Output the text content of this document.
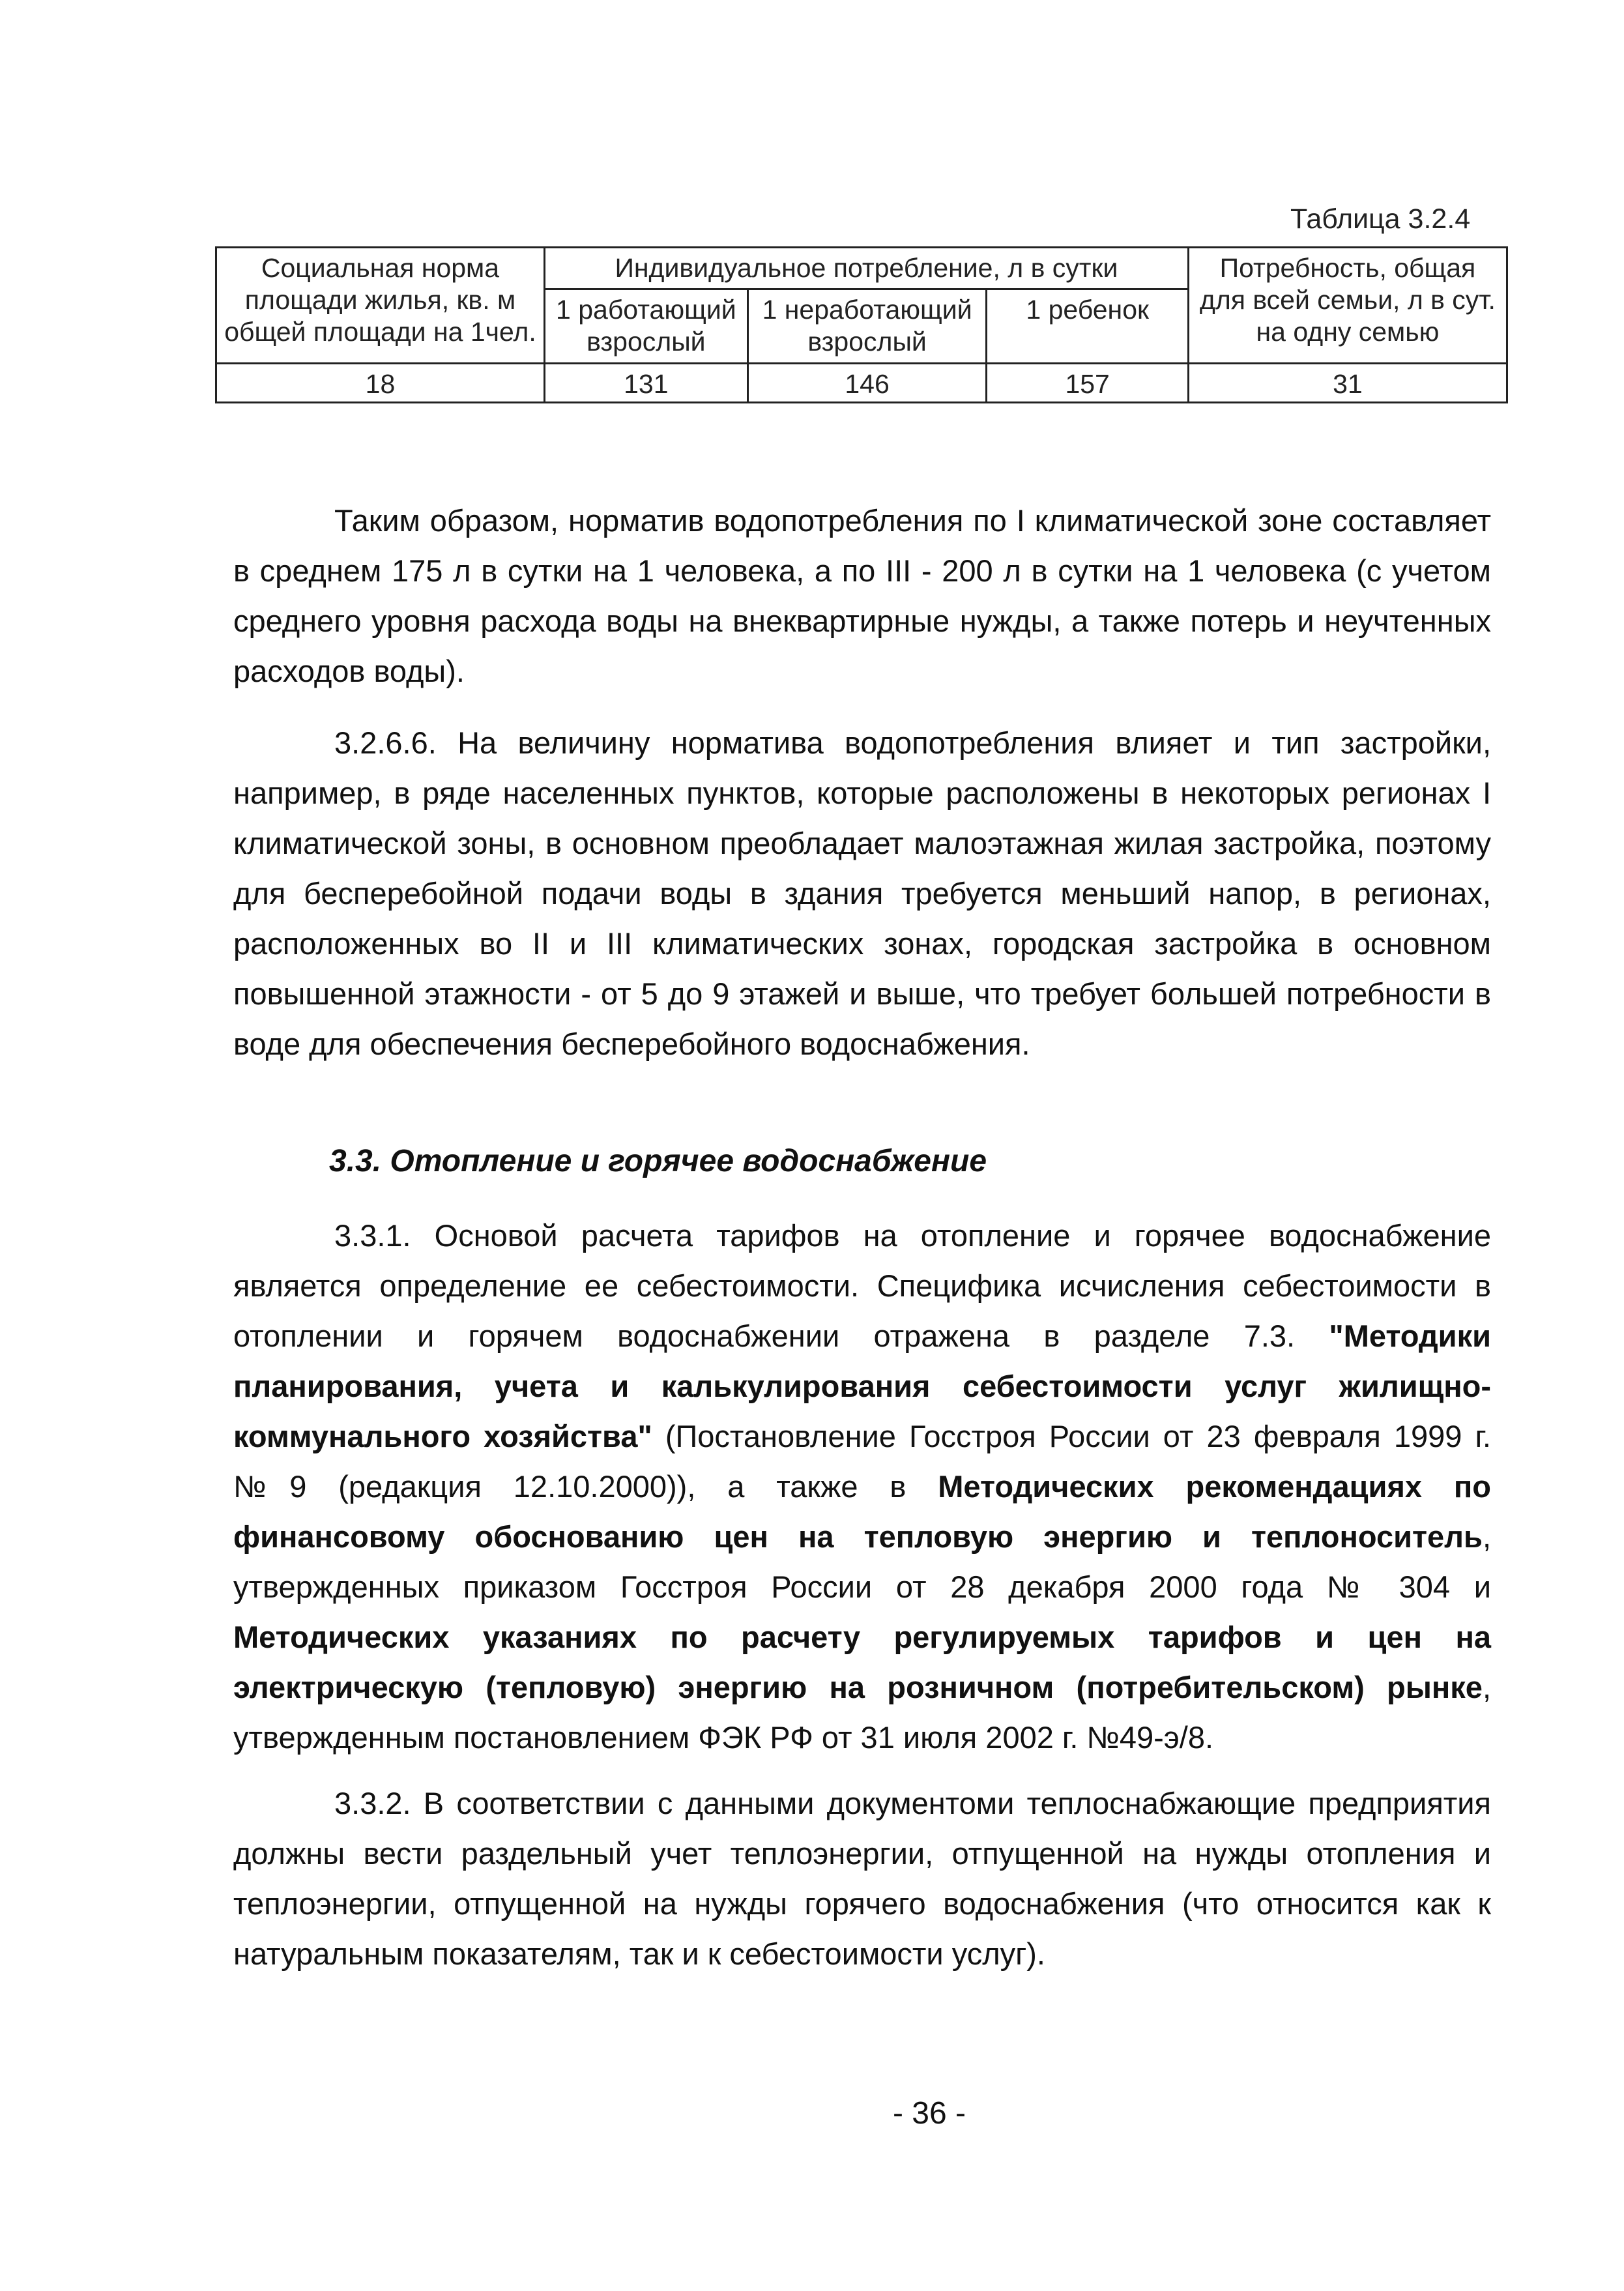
Таблица 3.2.4
Социальная норма площади жилья, кв. м общей площади на 1чел.	Индивидуальное потребление, л в сутки			Потребность, общая для всей семьи, л в сут. на одну семью
	1 работающий взрослый	1 неработающий взрослый	1 ребенок	
18	131	146	157	31

Таким образом, норматив водопотребления по I климатической зоне составляет в среднем 175 л в сутки на 1 человека, а по III - 200 л в сутки на 1 человека (с учетом среднего уровня расхода воды на внеквартирные нужды, а также потерь и неучтенных расходов воды).

3.2.6.6. На величину норматива водопотребления влияет и тип застройки, например, в ряде населенных пунктов, которые расположены в некоторых регионах I климатической зоны, в основном преобладает малоэтажная жилая застройка, поэтому для бесперебойной подачи воды в здания требуется меньший напор, в регионах, расположенных во II и III климатических зонах, городская застройка в основном повышенной этажности - от 5 до 9 этажей и выше, что требует большей потребности в воде для обеспечения бесперебойного водоснабжения.

3.3. Отопление и горячее водоснабжение

3.3.1. Основой расчета тарифов на отопление и горячее водоснабжение является определение ее себестоимости. Специфика исчисления себестоимости в отоплении и горячем водоснабжении отражена в разделе 7.3. "Методики планирования, учета и калькулирования себестоимости услуг жилищно-коммунального хозяйства" (Постановление Госстроя России от 23 февраля 1999 г. №9 (редакция 12.10.2000)), а также в Методических рекомендациях по финансовому обоснованию цен на тепловую энергию и теплоноситель, утвержденных приказом Госстроя России от 28 декабря 2000 года № 304 и Методических указаниях по расчету регулируемых тарифов и цен на электрическую (тепловую) энергию на розничном (потребительском) рынке, утвержденным постановлением ФЭК РФ от 31 июля 2002 г. №49-э/8.

3.3.2. В соответствии с данными документоми теплоснабжающие предприятия должны вести раздельный учет теплоэнергии, отпущенной на нужды отопления и теплоэнергии, отпущенной на нужды горячего водоснабжения (что относится как к натуральным показателям, так и к себестоимости услуг).

- 36 -
